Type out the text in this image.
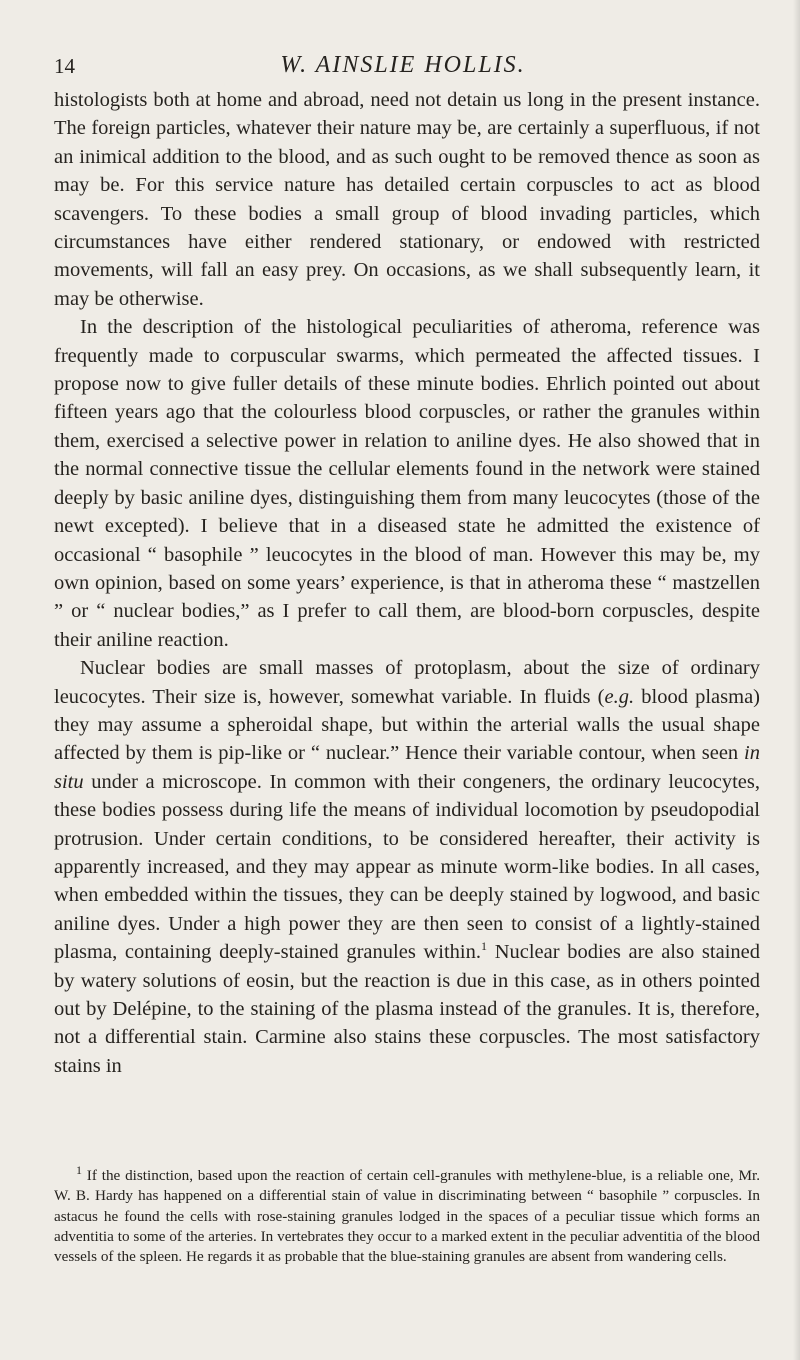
14	W. AINSLIE HOLLIS.

histologists both at home and abroad, need not detain us long in the present instance. The foreign particles, whatever their nature may be, are certainly a superfluous, if not an inimical addition to the blood, and as such ought to be removed thence as soon as may be. For this service nature has detailed certain corpuscles to act as blood scavengers. To these bodies a small group of blood invading particles, which circumstances have either rendered stationary, or endowed with restricted movements, will fall an easy prey. On occasions, as we shall subsequently learn, it may be otherwise.

In the description of the histological peculiarities of atheroma, reference was frequently made to corpuscular swarms, which permeated the affected tissues. I propose now to give fuller details of these minute bodies. Ehrlich pointed out about fifteen years ago that the colourless blood corpuscles, or rather the granules within them, exercised a selective power in relation to aniline dyes. He also showed that in the normal connective tissue the cellular elements found in the network were stained deeply by basic aniline dyes, distinguishing them from many leucocytes (those of the newt excepted). I believe that in a diseased state he admitted the existence of occasional “ basophile ” leucocytes in the blood of man. However this may be, my own opinion, based on some years’ experience, is that in atheroma these “ mastzellen ” or “ nuclear bodies,” as I prefer to call them, are blood-born corpuscles, despite their aniline reaction.

Nuclear bodies are small masses of protoplasm, about the size of ordinary leucocytes. Their size is, however, somewhat variable. In fluids (e.g. blood plasma) they may assume a spheroidal shape, but within the arterial walls the usual shape affected by them is pip-like or “ nuclear.” Hence their variable contour, when seen in situ under a microscope. In common with their congeners, the ordinary leucocytes, these bodies possess during life the means of individual locomotion by pseudopodial protrusion. Under certain conditions, to be considered hereafter, their activity is apparently increased, and they may appear as minute worm-like bodies. In all cases, when embedded within the tissues, they can be deeply stained by logwood, and basic aniline dyes. Under a high power they are then seen to consist of a lightly-stained plasma, containing deeply-stained granules within.$^1$ Nuclear bodies are also stained by watery solutions of eosin, but the reaction is due in this case, as in others pointed out by Delépine, to the staining of the plasma instead of the granules. It is, therefore, not a differential stain. Carmine also stains these corpuscles. The most satisfactory stains in

$^1$ If the distinction, based upon the reaction of certain cell-granules with methylene-blue, is a reliable one, Mr. W. B. Hardy has happened on a differential stain of value in discriminating between “ basophile ” corpuscles. In astacus he found the cells with rose-staining granules lodged in the spaces of a peculiar tissue which forms an adventitia to some of the arteries. In vertebrates they occur to a marked extent in the peculiar adventitia of the blood vessels of the spleen. He regards it as probable that the blue-staining granules are absent from wandering cells.
